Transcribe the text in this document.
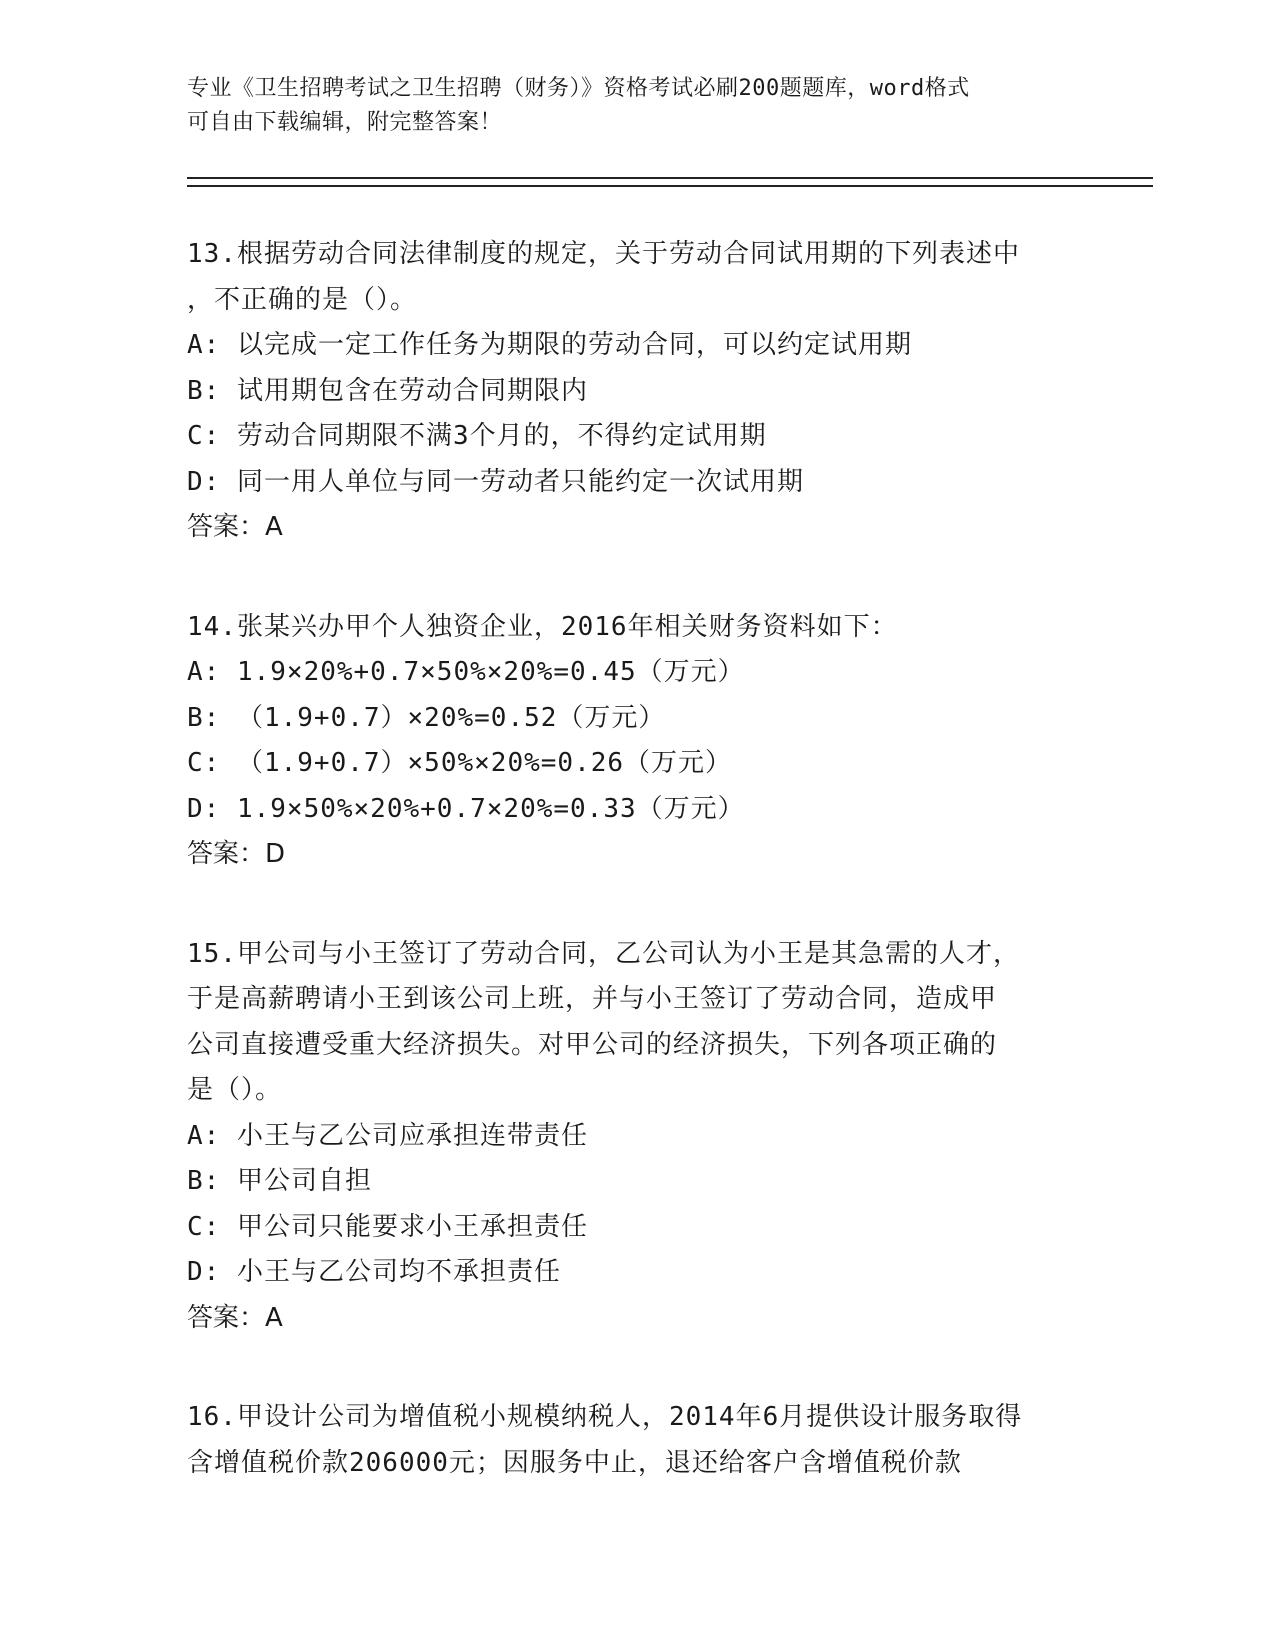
专业《卫生招聘考试之卫生招聘（财务）》资格考试必刷200题题库，word格式
可自由下载编辑，附完整答案！
13.根据劳动合同法律制度的规定，关于劳动合同试用期的下列表述中
，不正确的是（）。
A: 以完成一定工作任务为期限的劳动合同，可以约定试用期
B: 试用期包含在劳动合同期限内
C: 劳动合同期限不满3个月的，不得约定试用期
D: 同一用人单位与同一劳动者只能约定一次试用期
答案：A
14.张某兴办甲个人独资企业，2016年相关财务资料如下：
A: 1.9×20%+0.7×50%×20%=0.45（万元）
B: （1.9+0.7）×20%=0.52（万元）
C: （1.9+0.7）×50%×20%=0.26（万元）
D: 1.9×50%×20%+0.7×20%=0.33（万元）
答案：D
15.甲公司与小王签订了劳动合同，乙公司认为小王是其急需的人才，
于是高薪聘请小王到该公司上班，并与小王签订了劳动合同，造成甲
公司直接遭受重大经济损失。对甲公司的经济损失，下列各项正确的
是（）。
A: 小王与乙公司应承担连带责任
B: 甲公司自担
C: 甲公司只能要求小王承担责任
D: 小王与乙公司均不承担责任
答案：A
16.甲设计公司为增值税小规模纳税人，2014年6月提供设计服务取得
含增值税价款206000元；因服务中止，退还给客户含增值税价款
